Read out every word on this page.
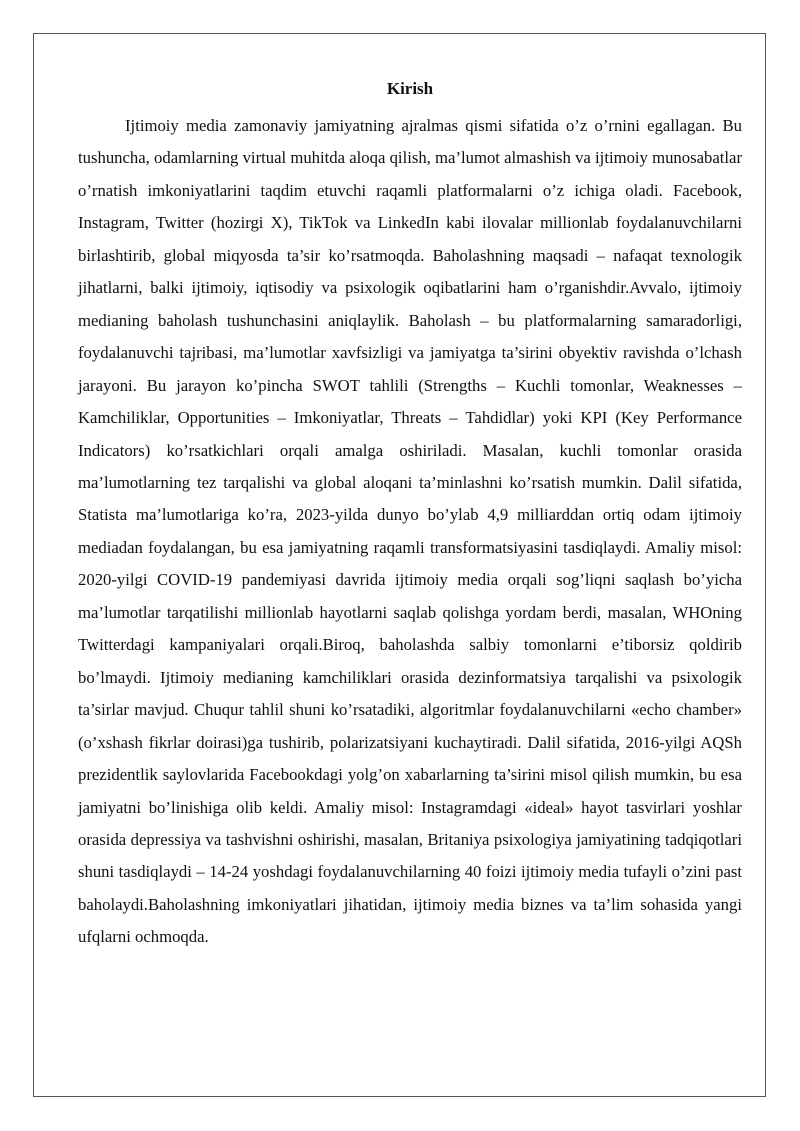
Kirish

Ijtimoiy media zamonaviy jamiyatning ajralmas qismi sifatida o’z o’rnini egallagan. Bu tushuncha, odamlarning virtual muhitda aloqa qilish, ma’lumot almashish va ijtimoiy munosabatlar o’rnatish imkoniyatlarini taqdim etuvchi raqamli platformalarni o’z ichiga oladi. Facebook, Instagram, Twitter (hozirgi X), TikTok va LinkedIn kabi ilovalar millionlab foydalanuvchilarni birlashtirib, global miqyosda ta’sir ko’rsatmoqda. Baholashning maqsadi – nafaqat texnologik jihatlarni, balki ijtimoiy, iqtisodiy va psixologik oqibatlarini ham o’rganishdir.Avvalo, ijtimoiy medianing baholash tushunchasini aniqlaylik. Baholash – bu platformalarning samaradorligi, foydalanuvchi tajribasi, ma’lumotlar xavfsizligi va jamiyatga ta’sirini obyektiv ravishda o’lchash jarayoni. Bu jarayon ko’pincha SWOT tahlili (Strengths – Kuchli tomonlar, Weaknesses – Kamchiliklar, Opportunities – Imkoniyatlar, Threats – Tahdidlar) yoki KPI (Key Performance Indicators) ko’rsatkichlari orqali amalga oshiriladi. Masalan, kuchli tomonlar orasida ma’lumotlarning tez tarqalishi va global aloqani ta’minlashni ko’rsatish mumkin. Dalil sifatida, Statista ma’lumotlariga ko’ra, 2023-yilda dunyo bo’ylab 4,9 milliarddan ortiq odam ijtimoiy mediadan foydalangan, bu esa jamiyatning raqamli transformatsiyasini tasdiqlaydi. Amaliy misol: 2020-yilgi COVID-19 pandemiyasi davrida ijtimoiy media orqali sog’liqni saqlash bo’yicha ma’lumotlar tarqatilishi millionlab hayotlarni saqlab qolishga yordam berdi, masalan, WHOning Twitterdagi kampaniyalari orqali.Biroq, baholashda salbiy tomonlarni e’tiborsiz qoldirib bo’lmaydi. Ijtimoiy medianing kamchiliklari orasida dezinformatsiya tarqalishi va psixologik ta’sirlar mavjud. Chuqur tahlil shuni ko’rsatadiki, algoritmlar foydalanuvchilarni «echo chamber» (o’xshash fikrlar doirasi)ga tushirib, polarizatsiyani kuchaytiradi. Dalil sifatida, 2016-yilgi AQSh prezidentlik saylovlarida Facebookdagi yolg’on xabarlarning ta’sirini misol qilish mumkin, bu esa jamiyatni bo’linishiga olib keldi. Amaliy misol: Instagramdagi «ideal» hayot tasvirlari yoshlar orasida depressiya va tashvishni oshirishi, masalan, Britaniya psixologiya jamiyatining tadqiqotlari shuni tasdiqlaydi – 14-24 yoshdagi foydalanuvchilarning 40 foizi ijtimoiy media tufayli o’zini past baholaydi.Baholashning imkoniyatlari jihatidan, ijtimoiy media biznes va ta’lim sohasida yangi ufqlarni ochmoqda.
